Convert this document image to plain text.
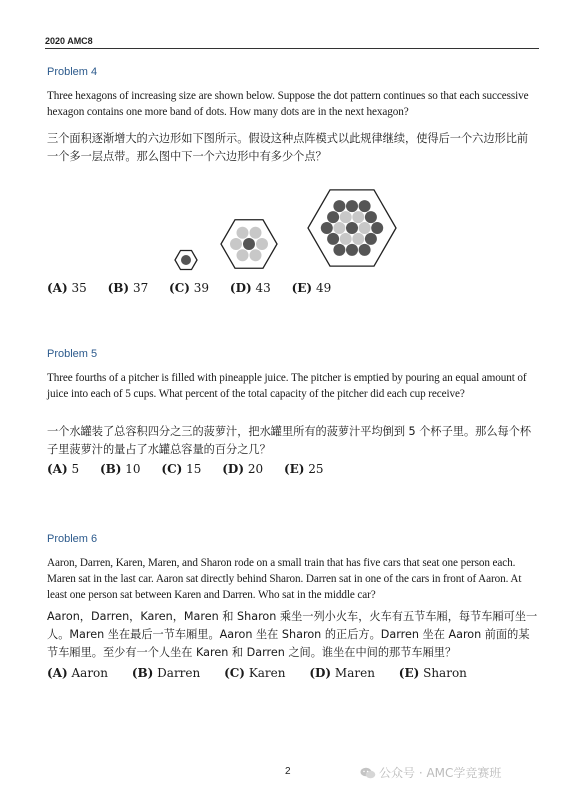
2020 AMC8
Problem 4
Three hexagons of increasing size are shown below. Suppose the dot pattern continues so that each successive hexagon contains one more band of dots. How many dots are in the next hexagon?
三个面积逐渐增大的六边形如下图所示。假设这种点阵模式以此规律继续，使得后一个六边形比前一个多一层点带。那么图中下一个六边形中有多少个点？
(A) 35 (B) 37 (C) 39 (D) 43 (E) 49
Problem 5
Three fourths of a pitcher is filled with pineapple juice. The pitcher is emptied by pouring an equal amount of juice into each of 5 cups. What percent of the total capacity of the pitcher did each cup receive?
一个水罐装了总容积四分之三的菠萝汁，把水罐里所有的菠萝汁平均倒到 5 个杯子里。那么每个杯子里菠萝汁的量占了水罐总容量的百分之几？
(A) 5 (B) 10 (C) 15 (D) 20 (E) 25
Problem 6
Aaron, Darren, Karen, Maren, and Sharon rode on a small train that has five cars that seat one person each. Maren sat in the last car. Aaron sat directly behind Sharon. Darren sat in one of the cars in front of Aaron. At least one person sat between Karen and Darren. Who sat in the middle car?
Aaron，Darren，Karen，Maren 和 Sharon 乘坐一列小火车，火车有五节车厢，每节车厢可坐一人。Maren 坐在最后一节车厢里。Aaron 坐在 Sharon 的正后方。Darren 坐在 Aaron 前面的某节车厢里。至少有一个人坐在 Karen 和 Darren 之间。谁坐在中间的那节车厢里？
(A) Aaron (B) Darren (C) Karen (D) Maren (E) Sharon
2	公众号 · AMC学竞赛班
